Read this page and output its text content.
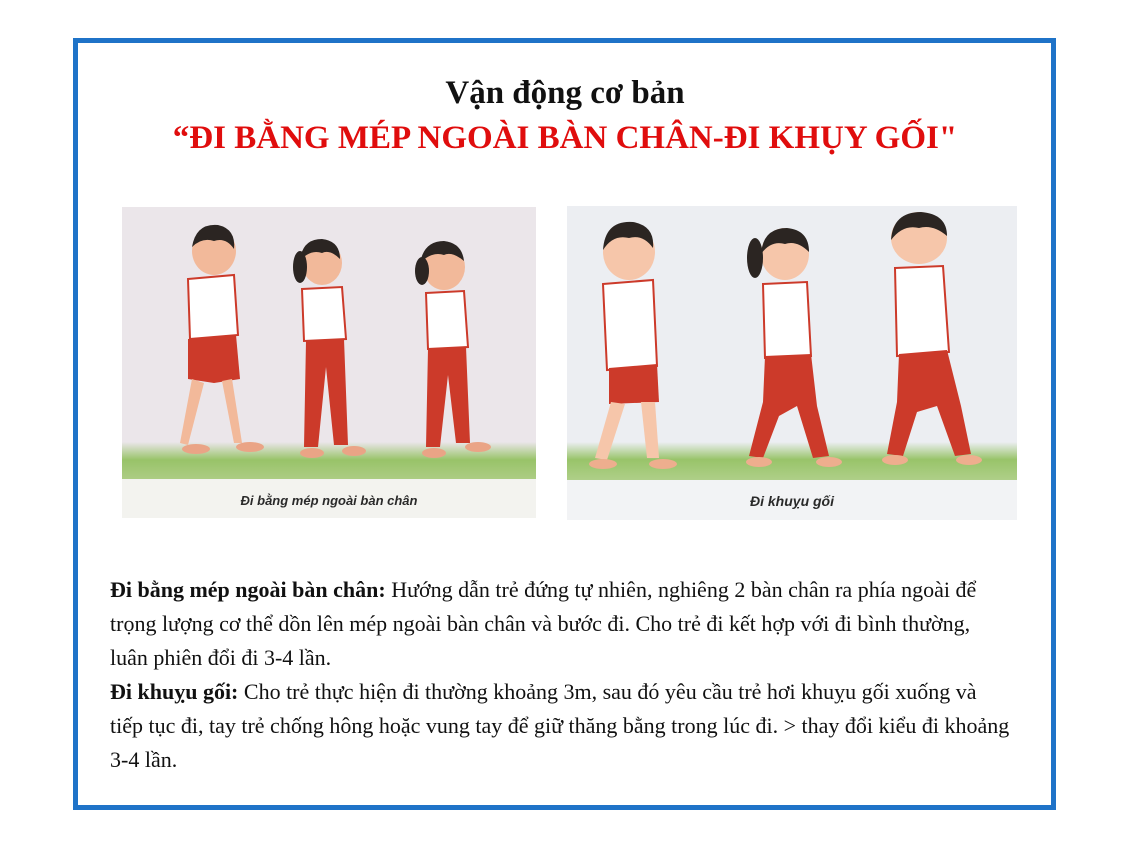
Vận động cơ bản
“ĐI BẰNG MÉP NGOÀI BÀN CHÂN-ĐI KHỤY GỐI"
Đi bằng mép ngoài bàn chân	Đi khuỵu gối

Đi bằng mép ngoài bàn chân: Hướng dẫn trẻ đứng tự nhiên, nghiêng 2 bàn chân ra phía ngoài để trọng lượng cơ thể dồn lên mép ngoài bàn chân và bước đi. Cho trẻ đi kết hợp với đi bình thường, luân phiên đổi đi 3-4 lần.

Đi khuỵu gối: Cho trẻ thực hiện đi thường khoảng 3m, sau đó yêu cầu trẻ hơi khuỵu gối xuống và tiếp tục đi, tay trẻ chống hông hoặc vung tay để giữ thăng bằng trong lúc đi. > thay đổi kiểu đi khoảng 3-4 lần.
